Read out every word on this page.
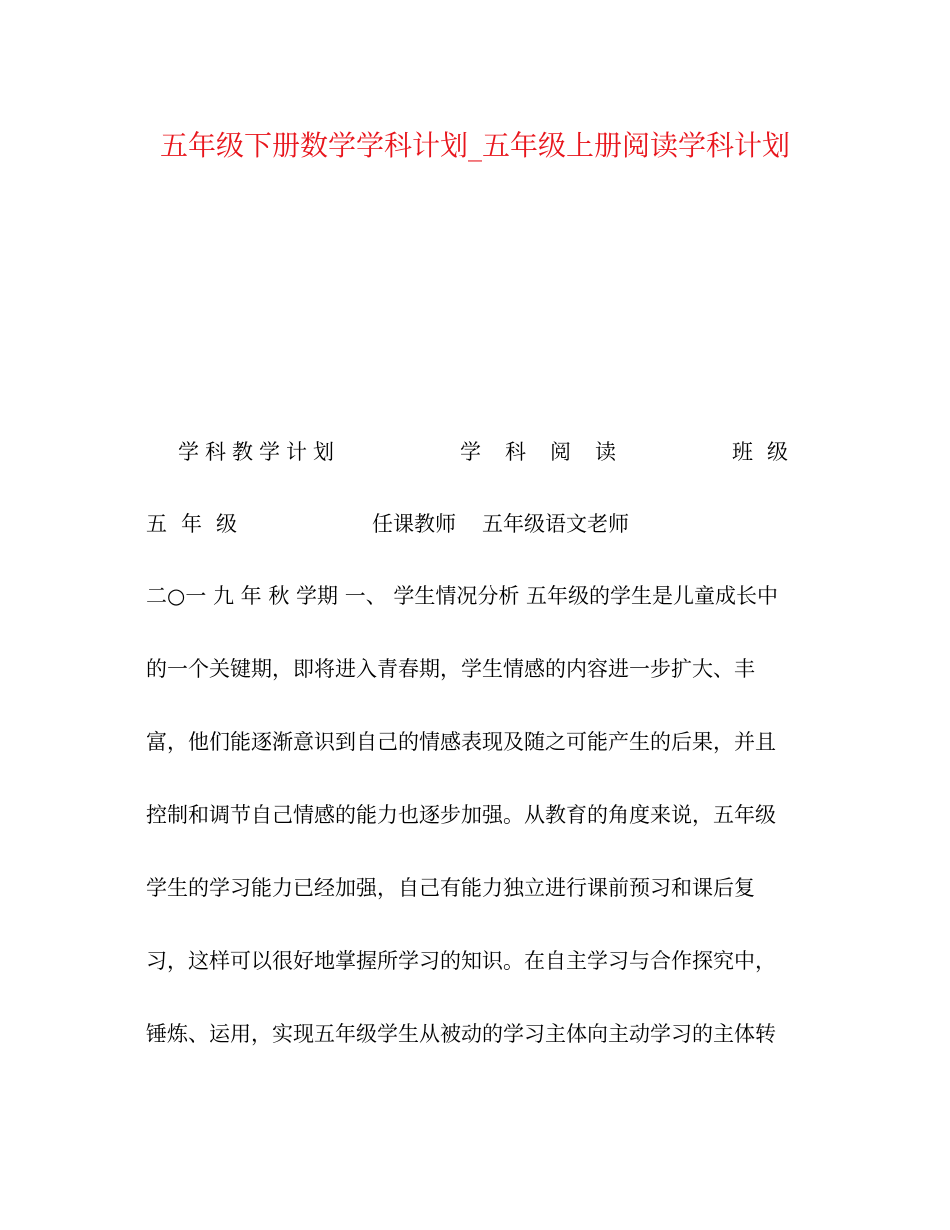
五年级下册数学学科计划_五年级上册阅读学科计划
学科教学计划	学科阅读	班级
五年级	任课教师 五年级语文老师
二○一 九 年 秋 学期 一、 学生情况分析 五年级的学生是儿童成长中
的一个关键期，即将进入青春期，学生情感的内容进一步扩大、丰
富，他们能逐渐意识到自己的情感表现及随之可能产生的后果，并且
控制和调节自己情感的能力也逐步加强。从教育的角度来说，五年级
学生的学习能力已经加强，自己有能力独立进行课前预习和课后复
习，这样可以很好地掌握所学习的知识。在自主学习与合作探究中，
锤炼、运用，实现五年级学生从被动的学习主体向主动学习的主体转
